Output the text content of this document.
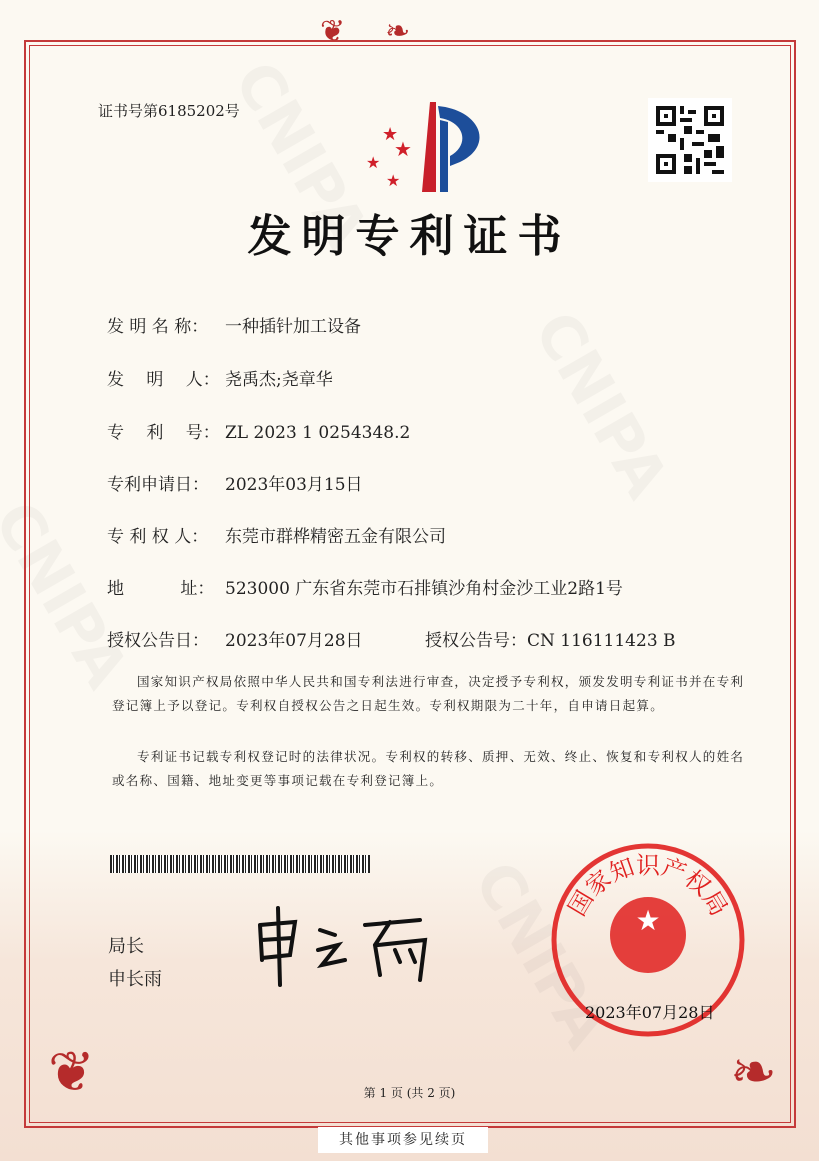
❦❧
❦	❧
证书号第6185202号
★
★
★
★
发明专利证书
发 明 名 称： 一种插针加工设备
发　 明　 人： 尧禹杰;尧章华
专　 利　 号： ZL 2023 1 0254348.2
专利申请日： 2023年03月15日
专 利 权 人： 东莞市群桦精密五金有限公司
地　　　 址： 523000 广东省东莞市石排镇沙角村金沙工业2路1号
授权公告日： 2023年07月28日	授权公告号：CN 116111423 B
国家知识产权局依照中华人民共和国专利法进行审查，决定授予专利权，颁发发明专利证书并在专利登记簿上予以登记。专利权自授权公告之日起生效。专利权期限为二十年，自申请日起算。
专利证书记载专利权登记时的法律状况。专利权的转移、质押、无效、终止、恢复和专利权人的姓名或名称、国籍、地址变更等事项记载在专利登记簿上。
局长
申长雨
★
国家知识产权局
2023年07月28日
第 1 页 (共 2 页)
其他事项参见续页
